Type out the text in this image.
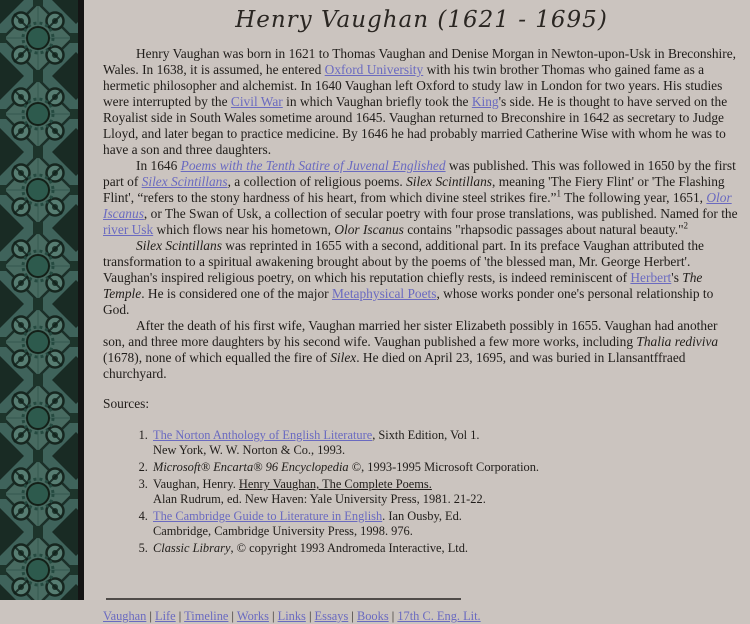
Henry Vaughan (1621 - 1695)

Henry Vaughan was born in 1621 to Thomas Vaughan and Denise Morgan in Newton-upon-Usk in Breconshire, Wales. In 1638, it is assumed, he entered Oxford University with his twin brother Thomas who gained fame as a hermetic philosopher and alchemist. In 1640 Vaughan left Oxford to study law in London for two years. His studies were interrupted by the Civil War in which Vaughan briefly took the King's side. He is thought to have served on the Royalist side in South Wales sometime around 1645. Vaughan returned to Breconshire in 1642 as secretary to Judge Lloyd, and later began to practice medicine. By 1646 he had probably married Catherine Wise with whom he was to have a son and three daughters.

In 1646 Poems with the Tenth Satire of Juvenal Englished was published. This was followed in 1650 by the first part of Silex Scintillans, a collection of religious poems. Silex Scintillans, meaning 'The Fiery Flint' or 'The Flashing Flint', “refers to the stony hardness of his heart, from which divine steel strikes fire.”$^1$ The following year, 1651, Olor Iscanus, or The Swan of Usk, a collection of secular poetry with four prose translations, was published. Named for the river Usk which flows near his hometown, Olor Iscanus contains "rhapsodic passages about natural beauty."$^2$

Silex Scintillans was reprinted in 1655 with a second, additional part. In its preface Vaughan attributed the transformation to a spiritual awakening brought about by the poems of 'the blessed man, Mr. George Herbert'. Vaughan's inspired religious poetry, on which his reputation chiefly rests, is indeed reminiscent of Herbert's The Temple. He is considered one of the major Metaphysical Poets, whose works ponder one's personal relationship to God.

After the death of his first wife, Vaughan married her sister Elizabeth possibly in 1655. Vaughan had another son, and three more daughters by his second wife. Vaughan published a few more works, including Thalia rediviva (1678), none of which equalled the fire of Silex. He died on April 23, 1695, and was buried in Llansantffraed churchyard.

Sources:
1. The Norton Anthology of English Literature, Sixth Edition, Vol 1.
New York, W. W. Norton & Co., 1993.
2. Microsoft® Encarta® 96 Encyclopedia ©, 1993-1995 Microsoft Corporation.
3. Vaughan, Henry. Henry Vaughan, The Complete Poems.
Alan Rudrum, ed. New Haven: Yale University Press, 1981. 21-22.
4. The Cambridge Guide to Literature in English. Ian Ousby, Ed.
Cambridge, Cambridge University Press, 1998. 976.
5. Classic Library, © copyright 1993 Andromeda Interactive, Ltd.
Vaughan | Life | Timeline | Works | Links | Essays | Books | 17th C. Eng. Lit.
